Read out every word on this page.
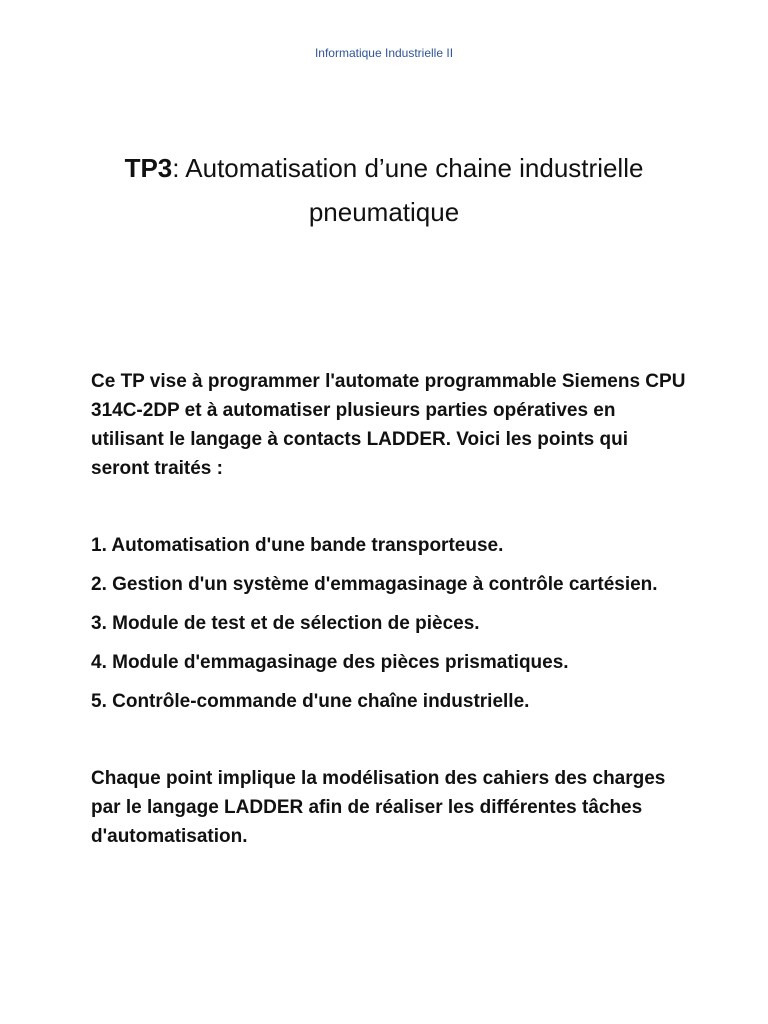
Informatique Industrielle II
TP3: Automatisation d’une chaine industrielle
pneumatique

Ce TP vise à programmer l'automate programmable Siemens CPU 314C-2DP et à automatiser plusieurs parties opératives en utilisant le langage à contacts LADDER. Voici les points qui seront traités :

1. Automatisation d'une bande transporteuse.
2. Gestion d'un système d'emmagasinage à contrôle cartésien.
3. Module de test et de sélection de pièces.
4. Module d'emmagasinage des pièces prismatiques.
5. Contrôle-commande d'une chaîne industrielle.

Chaque point implique la modélisation des cahiers des charges par le langage LADDER afin de réaliser les différentes tâches d'automatisation.
